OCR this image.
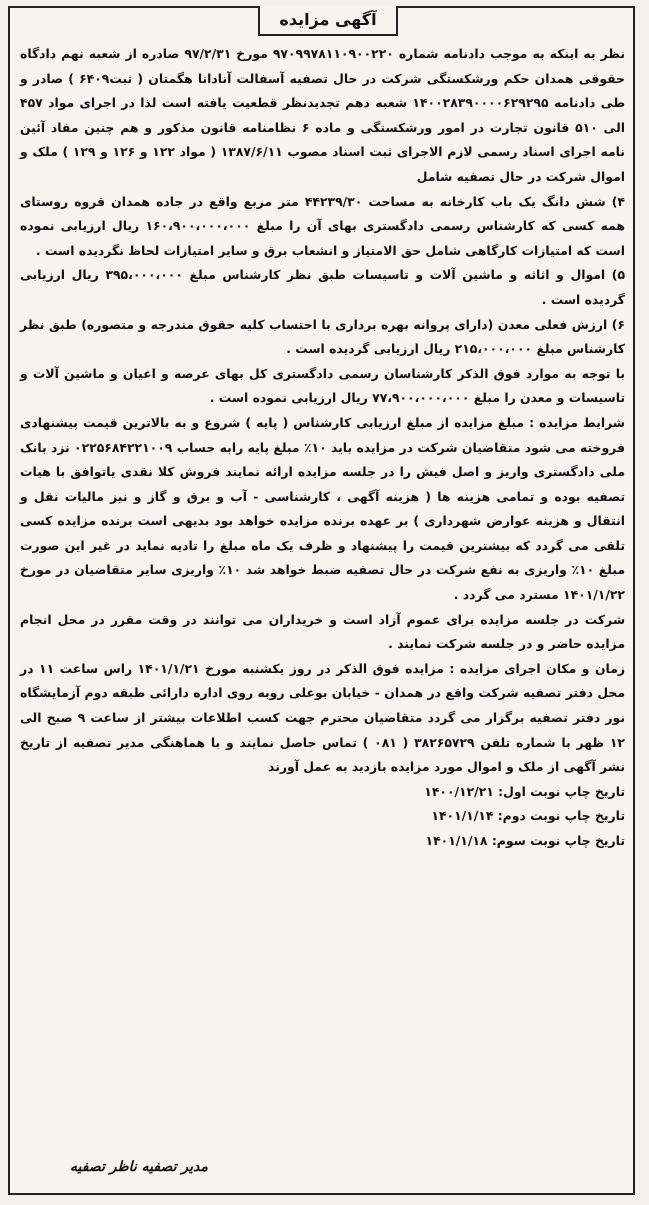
آگهی مزایده

نظر به اینکه به موجب دادنامه شماره ۹۷۰۹۹۷۸۱۱۰۹۰۰۲۲۰ مورخ ۹۷/۲/۳۱ صادره از شعبه نهم دادگاه حقوقی همدان حکم ورشکستگی شرکت در حال تصفیه آسفالت آنادانا هگمتان ( ثبت۶۴۰۹ ) صادر و طی دادنامه ۱۴۰۰۲۸۳۹۰۰۰۰۶۲۹۲۹۵ شعبه دهم تجدیدنظر قطعیت یافته است لذا در اجرای مواد ۴۵۷ الی ۵۱۰ قانون تجارت در امور ورشکستگی و ماده ۶ نظامنامه قانون مذکور و هم چنین مفاد آئین نامه اجرای اسناد رسمی لازم الاجرای ثبت اسناد مصوب ۱۳۸۷/۶/۱۱ ( مواد ۱۲۲ و ۱۲۶ و ۱۲۹ ) ملک و اموال شرکت در حال تصفیه شامل

۴) شش دانگ یک باب کارخانه به مساحت ۴۴۲۳۹/۳۰ متر مربع واقع در جاده همدان قروه روستای همه کسی که کارشناس رسمی دادگستری بهای آن را مبلغ ۱۶۰،۹۰۰،۰۰۰،۰۰۰ ریال ارزیابی نموده است که امتیازات کارگاهی شامل حق الامتیاز و انشعاب برق و سایر امتیازات لحاظ نگردیده است .

۵) اموال و اثاثه و ماشین آلات و تاسیسات طبق نظر کارشناس مبلغ ۳۹۵،۰۰۰،۰۰۰ ریال ارزیابی گردیده است .

۶) ارزش فعلی معدن (دارای پروانه بهره برداری با احتساب کلیه حقوق مندرجه و متصوره) طبق نظر کارشناس مبلغ ۲۱۵،۰۰۰،۰۰۰ ریال ارزیابی گردیده است .

با توجه به موارد فوق الذکر کارشناسان رسمی دادگستری کل بهای عرصه و اعیان و ماشین آلات و تاسیسات و معدن را مبلغ ۷۷،۹۰۰،۰۰۰،۰۰۰ ریال ارزیابی نموده است .

شرایط مزایده : مبلغ مزایده از مبلغ ارزیابی کارشناس ( پایه ) شروع و به بالاترین قیمت پیشنهادی فروخته می شود متقاضیان شرکت در مزایده باید ۱۰٪ مبلغ پایه رابه حساب ۰۲۲۵۶۸۴۲۲۱۰۰۹ نزد بانک ملی دادگستری واریز و اصل فیش را در جلسه مزایده ارائه نمایند فروش کلا نقدی یاتوافق با هیات تصفیه بوده و تمامی هزینه ها ( هزینه آگهی ، کارشناسی - آب و برق و گاز و نیز مالیات نقل و انتقال و هزینه عوارض شهرداری ) بر عهده برنده مزایده خواهد بود بدیهی است برنده مزایده کسی تلقی می گردد که بیشترین قیمت را پیشنهاد و ظرف یک ماه مبلغ را تادیه نماید در غیر این صورت مبلغ ۱۰٪ واریزی به نفع شرکت در حال تصفیه ضبط خواهد شد ۱۰٪ واریزی سایر متقاضیان در مورخ ۱۴۰۱/۱/۲۲ مسترد می گردد .

شرکت در جلسه مزایده برای عموم آزاد است و خریداران می توانند در وقت مقرر در محل انجام مزایده حاضر و در جلسه شرکت نمایند .

زمان و مکان اجرای مزایده : مزایده فوق الذکر در روز یکشنبه مورخ ۱۴۰۱/۱/۲۱ راس ساعت ۱۱ در محل دفتر تصفیه شرکت واقع در همدان - خیابان بوعلی روبه روی اداره دارائی طبقه دوم آزمایشگاه نور دفتر تصفیه برگزار می گردد متقاضیان محترم جهت کسب اطلاعات بیشتر از ساعت ۹ صبح الی ۱۲ ظهر با شماره تلفن ۳۸۲۶۵۷۲۹ ( ۰۸۱ ) تماس حاصل نمایند و با هماهنگی مدیر تصفیه از تاریخ نشر آگهی از ملک و اموال مورد مزایده بازدید به عمل آورند

تاریخ چاپ نوبت اول: ۱۴۰۰/۱۲/۲۱

تاریخ چاپ نوبت دوم: ۱۴۰۱/۱/۱۴

تاریخ چاپ نوبت سوم: ۱۴۰۱/۱/۱۸

مدیر تصفیه ناظر تصفیه
